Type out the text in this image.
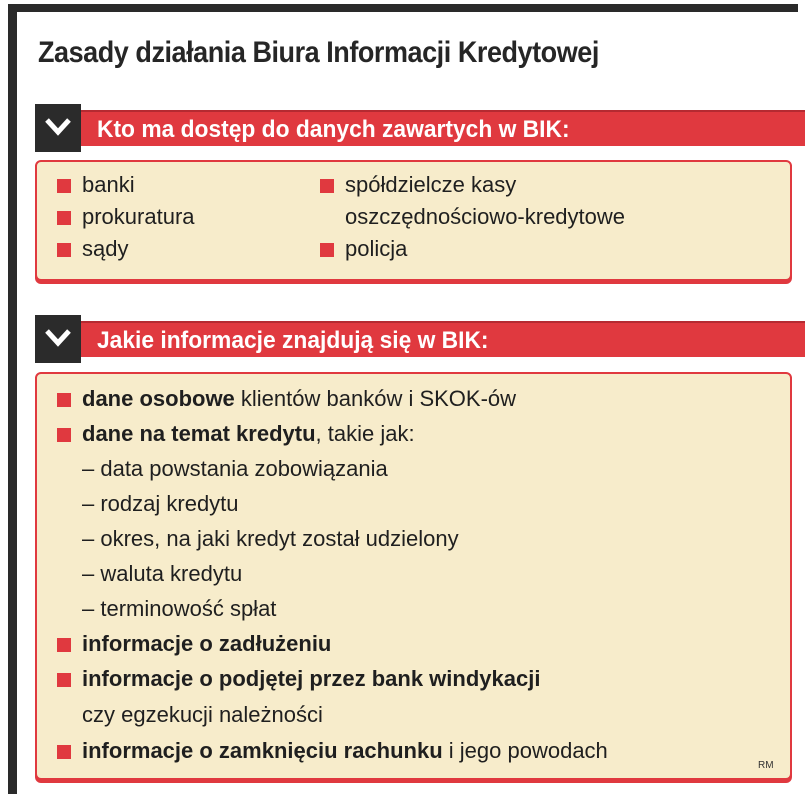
Zasady działania Biura Informacji Kredytowej
Kto ma dostęp do danych zawartych w BIK:
banki
prokuratura
sądy
spółdzielcze kasy
oszczędnościowo-kredytowe
policja
Jakie informacje znajdują się w BIK:
dane osobowe klientów banków i SKOK-ów
dane na temat kredytu, takie jak:
– data powstania zobowiązania
– rodzaj kredytu
– okres, na jaki kredyt został udzielony
– waluta kredytu
– terminowość spłat
informacje o zadłużeniu
informacje o podjętej przez bank windykacji
czy egzekucji należności
informacje o zamknięciu rachunku i jego powodach
RM
